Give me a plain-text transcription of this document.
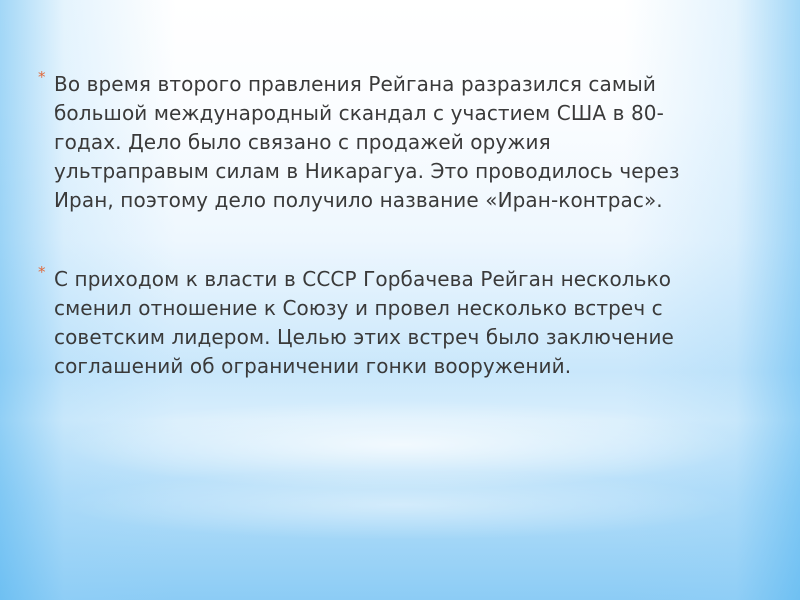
* Во время второго правления Рейгана разразился самый
большой международный скандал с участием США в 80-
годах. Дело было связано с продажей оружия
ультраправым силам в Никарагуа. Это проводилось через
Иран, поэтому дело получило название «Иран-контрас».
* С приходом к власти в СССР Горбачева Рейган несколько
сменил отношение к Союзу и провел несколько встреч с
советским лидером. Целью этих встреч было заключение
соглашений об ограничении гонки вооружений.
